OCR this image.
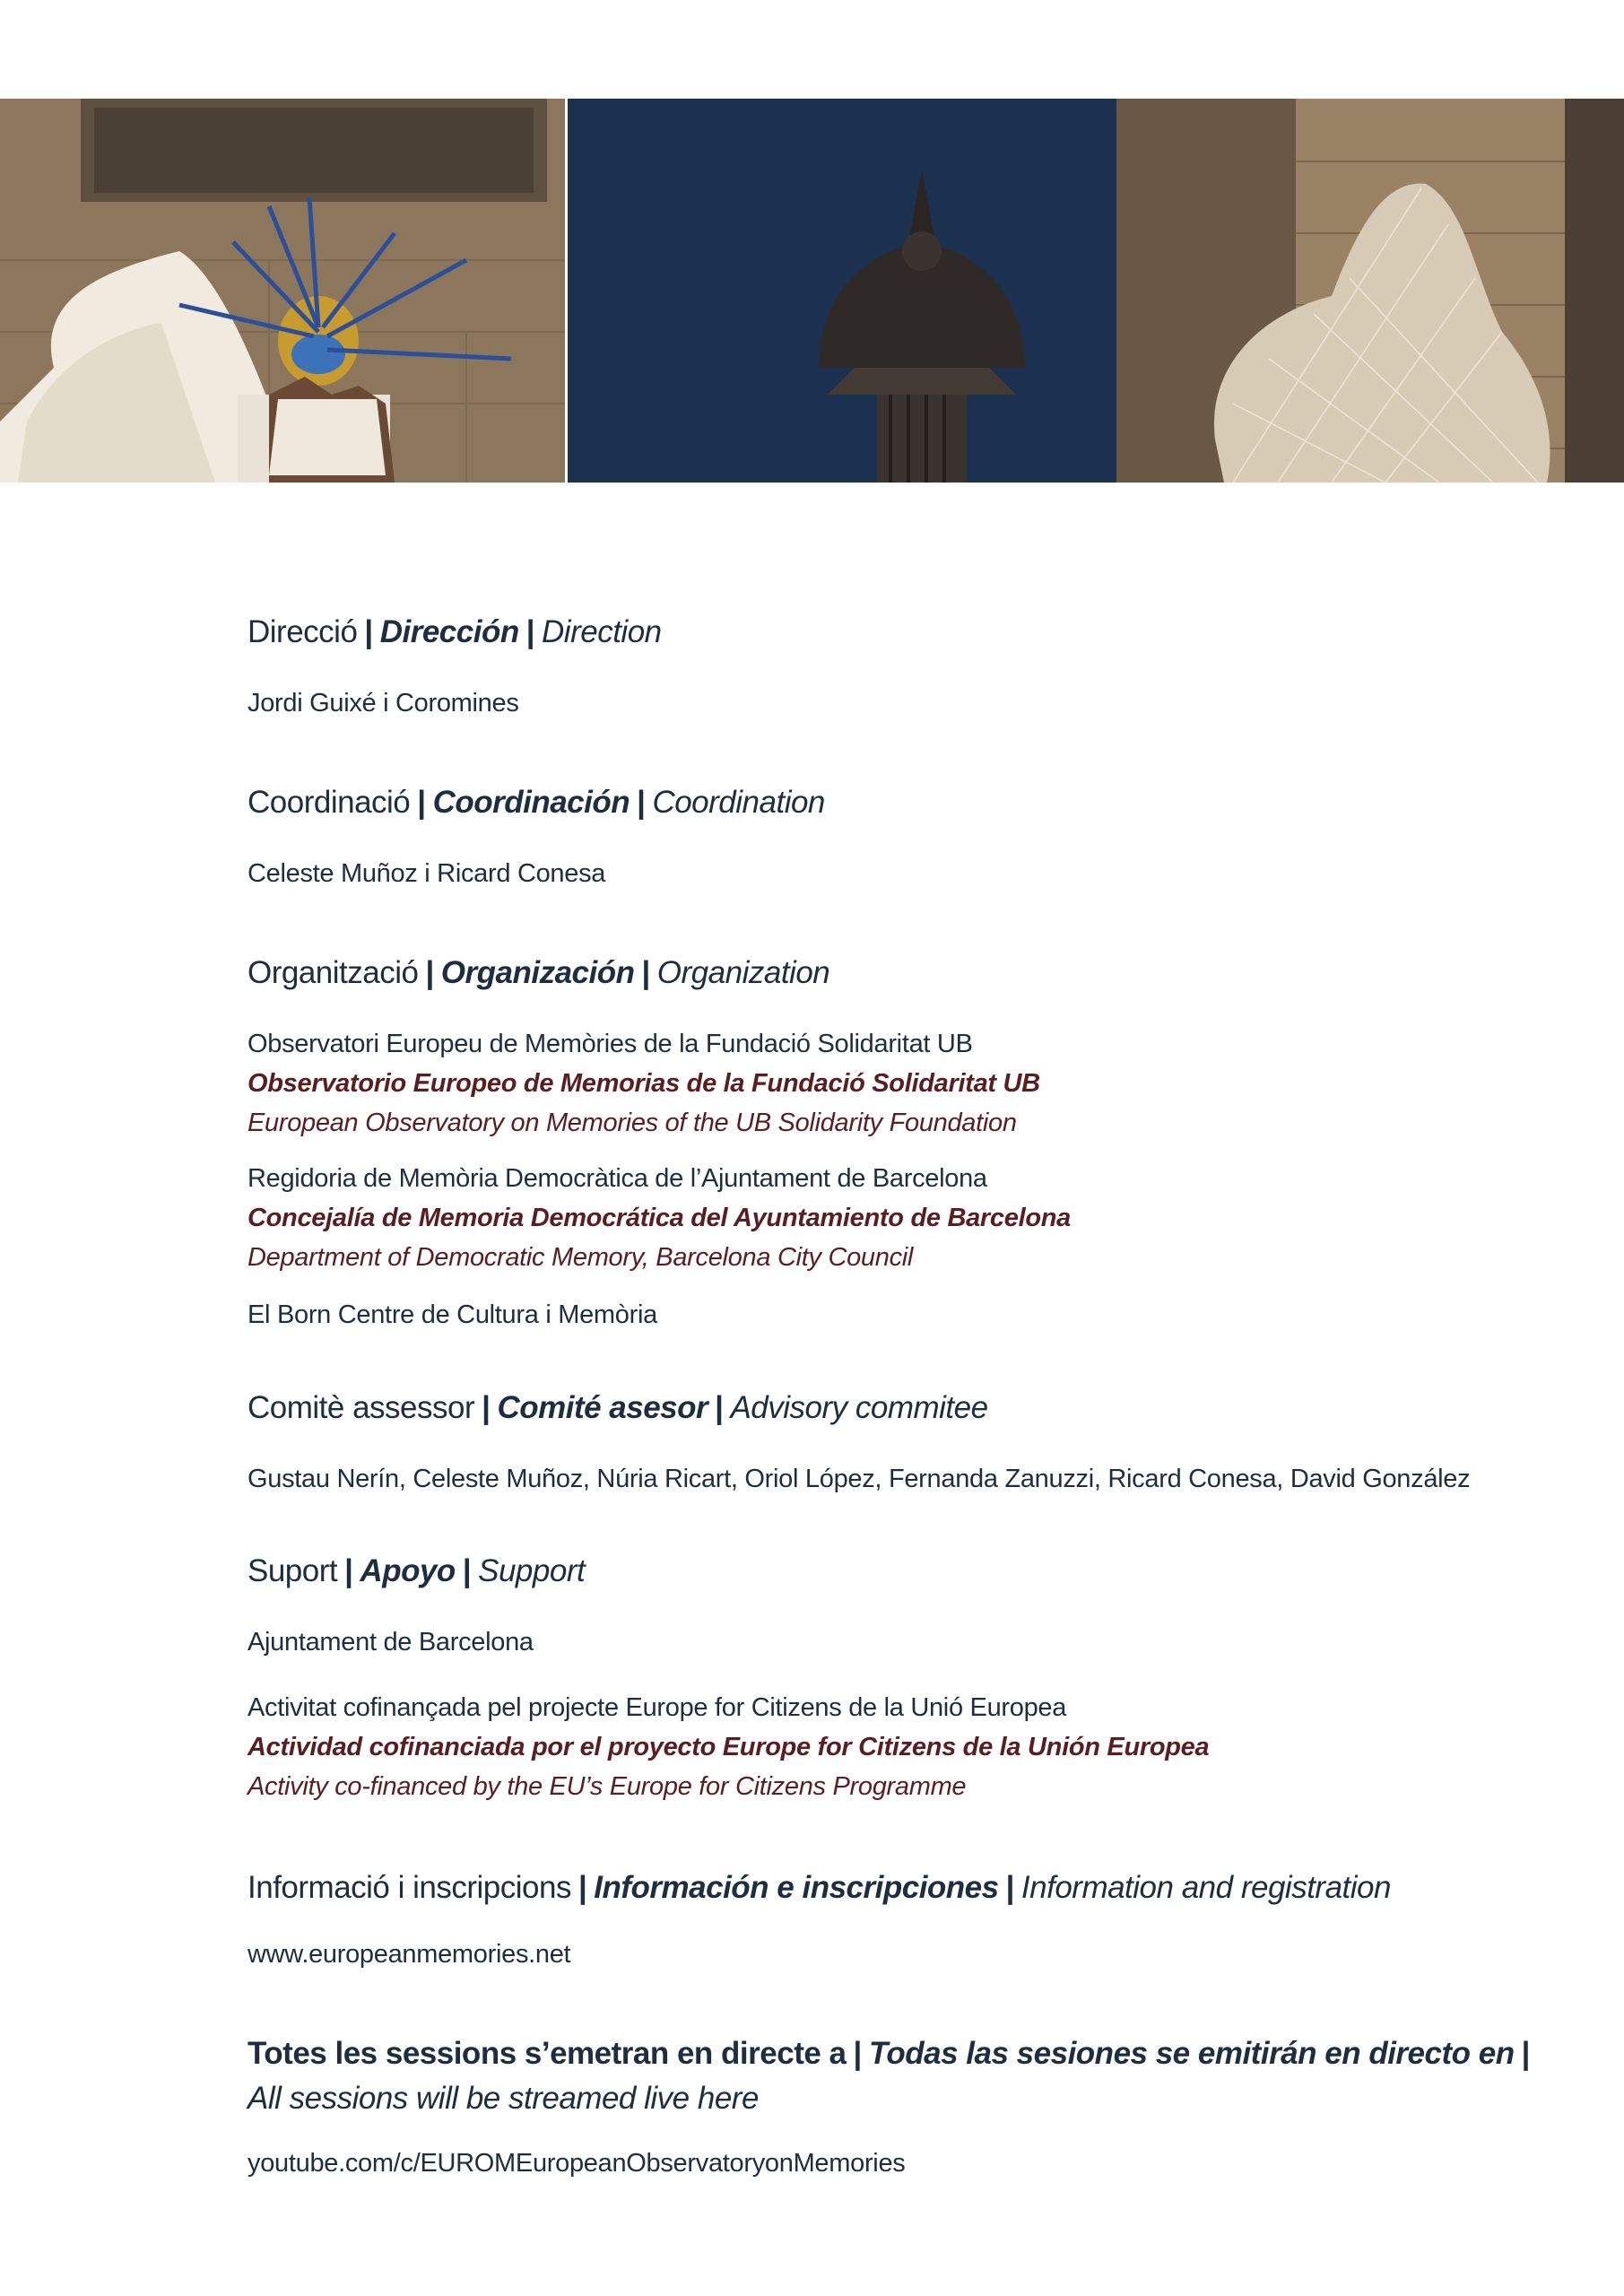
Direcció | Dirección | Direction
Jordi Guixé i Coromines
Coordinació | Coordinación | Coordination
Celeste Muñoz i Ricard Conesa
Organització | Organización | Organization
Observatori Europeu de Memòries de la Fundació Solidaritat UB
Observatorio Europeo de Memorias de la Fundació Solidaritat UB
European Observatory on Memories of the UB Solidarity Foundation
Regidoria de Memòria Democràtica de l’Ajuntament de Barcelona
Concejalía de Memoria Democrática del Ayuntamiento de Barcelona
Department of Democratic Memory, Barcelona City Council
El Born Centre de Cultura i Memòria
Comitè assessor | Comité asesor | Advisory commitee
Gustau Nerín, Celeste Muñoz, Núria Ricart, Oriol López, Fernanda Zanuzzi, Ricard Conesa, David González
Suport | Apoyo | Support
Ajuntament de Barcelona
Activitat cofinançada pel projecte Europe for Citizens de la Unió Europea
Actividad cofinanciada por el proyecto Europe for Citizens de la Unión Europea
Activity co-financed by the EU’s Europe for Citizens Programme
Informació i inscripcions | Información e inscripciones | Information and registration
www.europeanmemories.net
Totes les sessions s’emetran en directe a | Todas las sesiones se emitirán en directo en |
All sessions will be streamed live here
youtube.com/c/EUROMEuropeanObservatoryonMemories
